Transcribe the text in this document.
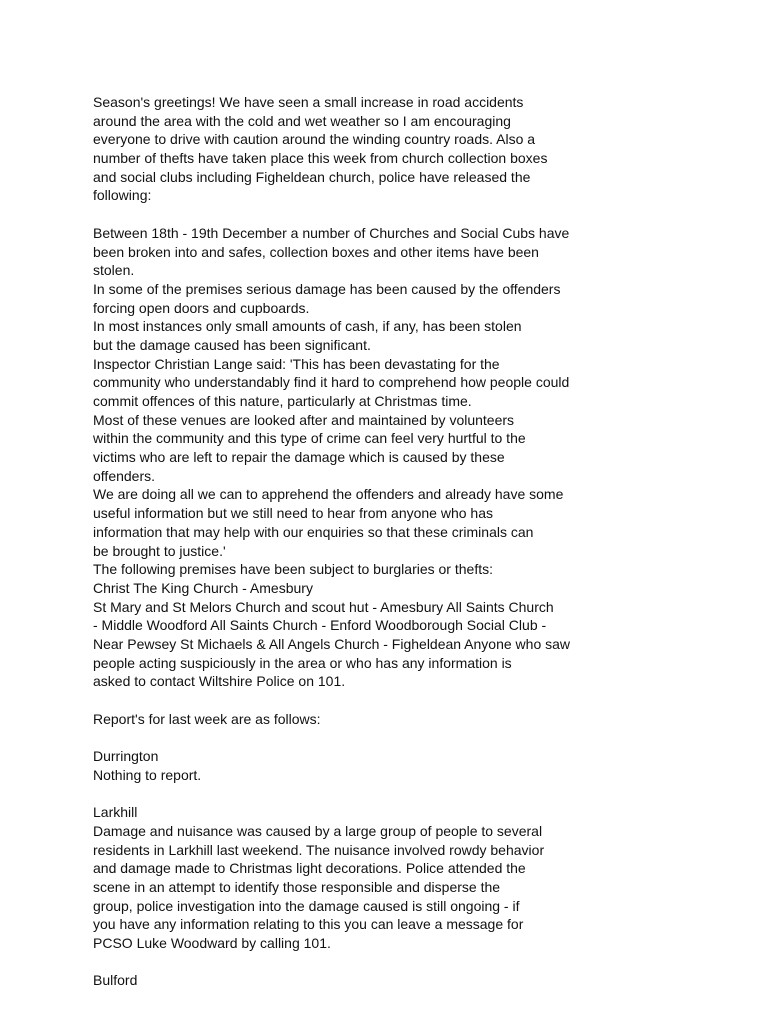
Season's greetings! We have seen a small increase in road accidents
around the area with the cold and wet weather so I am encouraging
everyone to drive with caution around the winding country roads. Also a
number of thefts have taken place this week from church collection boxes
and social clubs including Figheldean church, police have released the
following:
Between 18th - 19th December a number of Churches and Social Cubs have
been broken into and safes, collection boxes and other items have been
stolen.
In some of the premises serious damage has been caused by the offenders
forcing open doors and cupboards.
In most instances only small amounts of cash, if any, has been stolen
but the damage caused has been significant.
Inspector Christian Lange said: 'This has been devastating for the
community who understandably find it hard to comprehend how people could
commit offences of this nature, particularly at Christmas time.
Most of these venues are looked after and maintained by volunteers
within the community and this type of crime can feel very hurtful to the
victims who are left to repair the damage which is caused by these
offenders.
We are doing all we can to apprehend the offenders and already have some
useful information but we still need to hear from anyone who has
information that may help with our enquiries so that these criminals can
be brought to justice.'
The following premises have been subject to burglaries or thefts:
Christ The King Church - Amesbury
St Mary and St Melors Church and scout hut - Amesbury All Saints Church
- Middle Woodford All Saints Church - Enford Woodborough Social Club -
Near Pewsey St Michaels & All Angels Church - Figheldean Anyone who saw
people acting suspiciously in the area or who has any information is
asked to contact Wiltshire Police on 101.
Report's for last week are as follows:
Durrington
Nothing to report.
Larkhill
Damage and nuisance was caused by a large group of people to several
residents in Larkhill last weekend. The nuisance involved rowdy behavior
and damage made to Christmas light decorations. Police attended the
scene in an attempt to identify those responsible and disperse the
group, police investigation into the damage caused is still ongoing - if
you have any information relating to this you can leave a message for
PCSO Luke Woodward by calling 101.
Bulford
